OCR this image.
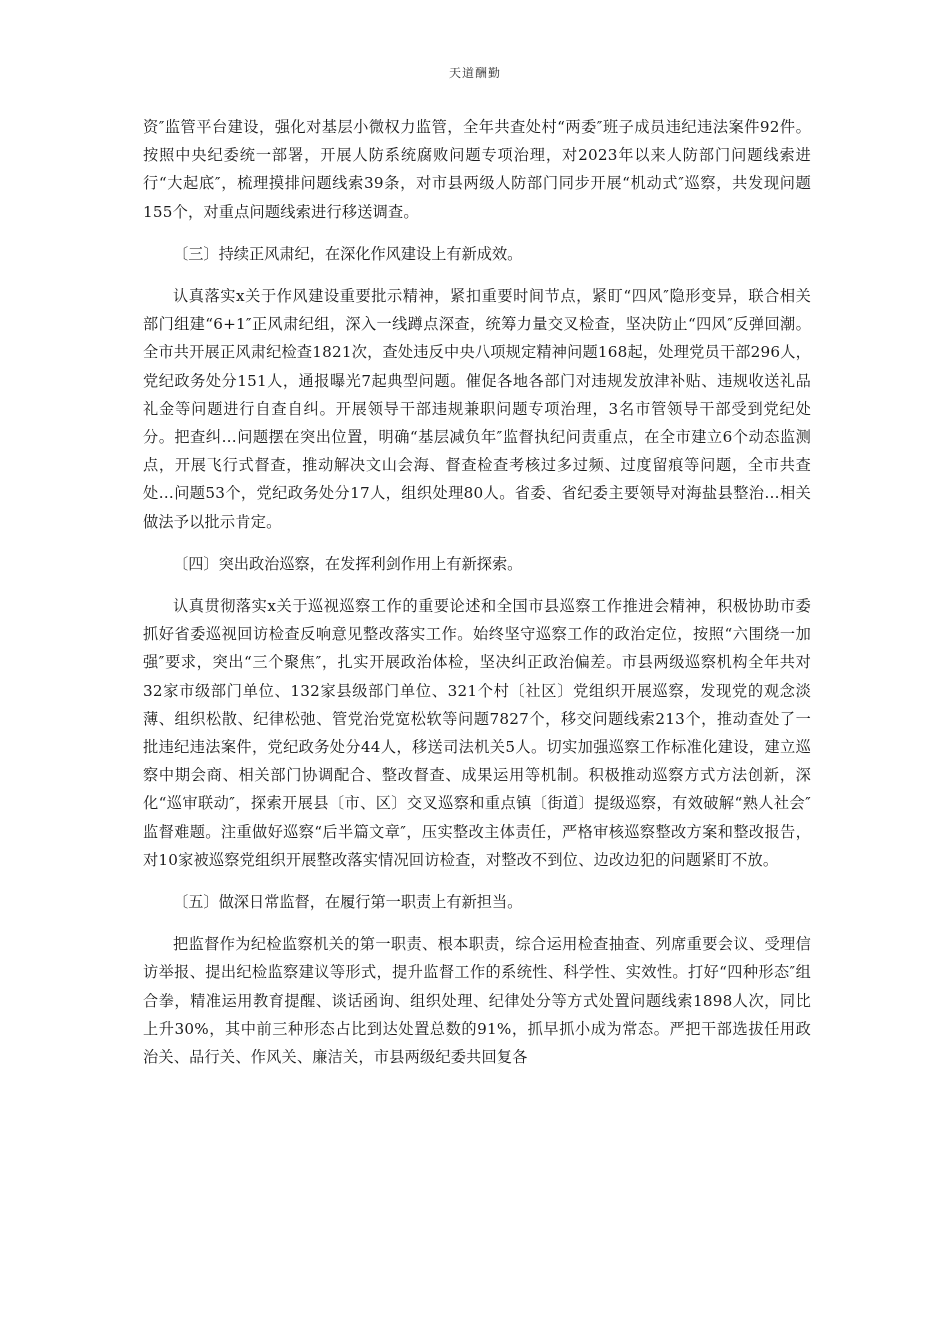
天道酬勤

资″监管平台建设，强化对基层小微权力监管，全年共查处村“两委″班子成员违纪违法案件92件。按照中央纪委统一部署，开展人防系统腐败问题专项治理，对2023年以来人防部门问题线索进行“大起底″，梳理摸排问题线索39条，对市县两级人防部门同步开展“机动式″巡察，共发现问题155个，对重点问题线索进行移送调查。

〔三〕持续正风肃纪，在深化作风建设上有新成效。

认真落实x关于作风建设重要批示精神，紧扣重要时间节点，紧盯“四风″隐形变异，联合相关部门组建“6+1″正风肃纪组，深入一线蹲点深查，统筹力量交叉检查，坚决防止“四风″反弹回潮。全市共开展正风肃纪检查1821次，查处违反中央八项规定精神问题168起，处理党员干部296人，党纪政务处分151人，通报曝光7起典型问题。催促各地各部门对违规发放津补贴、违规收送礼品礼金等问题进行自查自纠。开展领导干部违规兼职问题专项治理，3名市管领导干部受到党纪处分。把查纠…问题摆在突出位置，明确“基层减负年″监督执纪问责重点，在全市建立6个动态监测点，开展飞行式督查，推动解决文山会海、督查检查考核过多过频、过度留痕等问题，全市共查处…问题53个，党纪政务处分17人，组织处理80人。省委、省纪委主要领导对海盐县整治…相关做法予以批示肯定。

〔四〕突出政治巡察，在发挥利剑作用上有新探索。

认真贯彻落实x关于巡视巡察工作的重要论述和全国市县巡察工作推进会精神，积极协助市委抓好省委巡视回访检查反响意见整改落实工作。始终坚守巡察工作的政治定位，按照“六围绕一加强″要求，突出“三个聚焦″，扎实开展政治体检，坚决纠正政治偏差。市县两级巡察机构全年共对32家市级部门单位、132家县级部门单位、321个村〔社区〕党组织开展巡察，发现党的观念淡薄、组织松散、纪律松弛、管党治党宽松软等问题7827个，移交问题线索213个，推动查处了一批违纪违法案件，党纪政务处分44人，移送司法机关5人。切实加强巡察工作标准化建设，建立巡察中期会商、相关部门协调配合、整改督查、成果运用等机制。积极推动巡察方式方法创新，深化“巡审联动″，探索开展县〔市、区〕交叉巡察和重点镇〔街道〕提级巡察，有效破解“熟人社会″监督难题。注重做好巡察“后半篇文章″，压实整改主体责任，严格审核巡察整改方案和整改报告，对10家被巡察党组织开展整改落实情况回访检查，对整改不到位、边改边犯的问题紧盯不放。

〔五〕做深日常监督，在履行第一职责上有新担当。

把监督作为纪检监察机关的第一职责、根本职责，综合运用检查抽查、列席重要会议、受理信访举报、提出纪检监察建议等形式，提升监督工作的系统性、科学性、实效性。打好“四种形态″组合拳，精准运用教育提醒、谈话函询、组织处理、纪律处分等方式处置问题线索1898人次，同比上升30%，其中前三种形态占比到达处置总数的91%，抓早抓小成为常态。严把干部选拔任用政治关、品行关、作风关、廉洁关，市县两级纪委共回复各
